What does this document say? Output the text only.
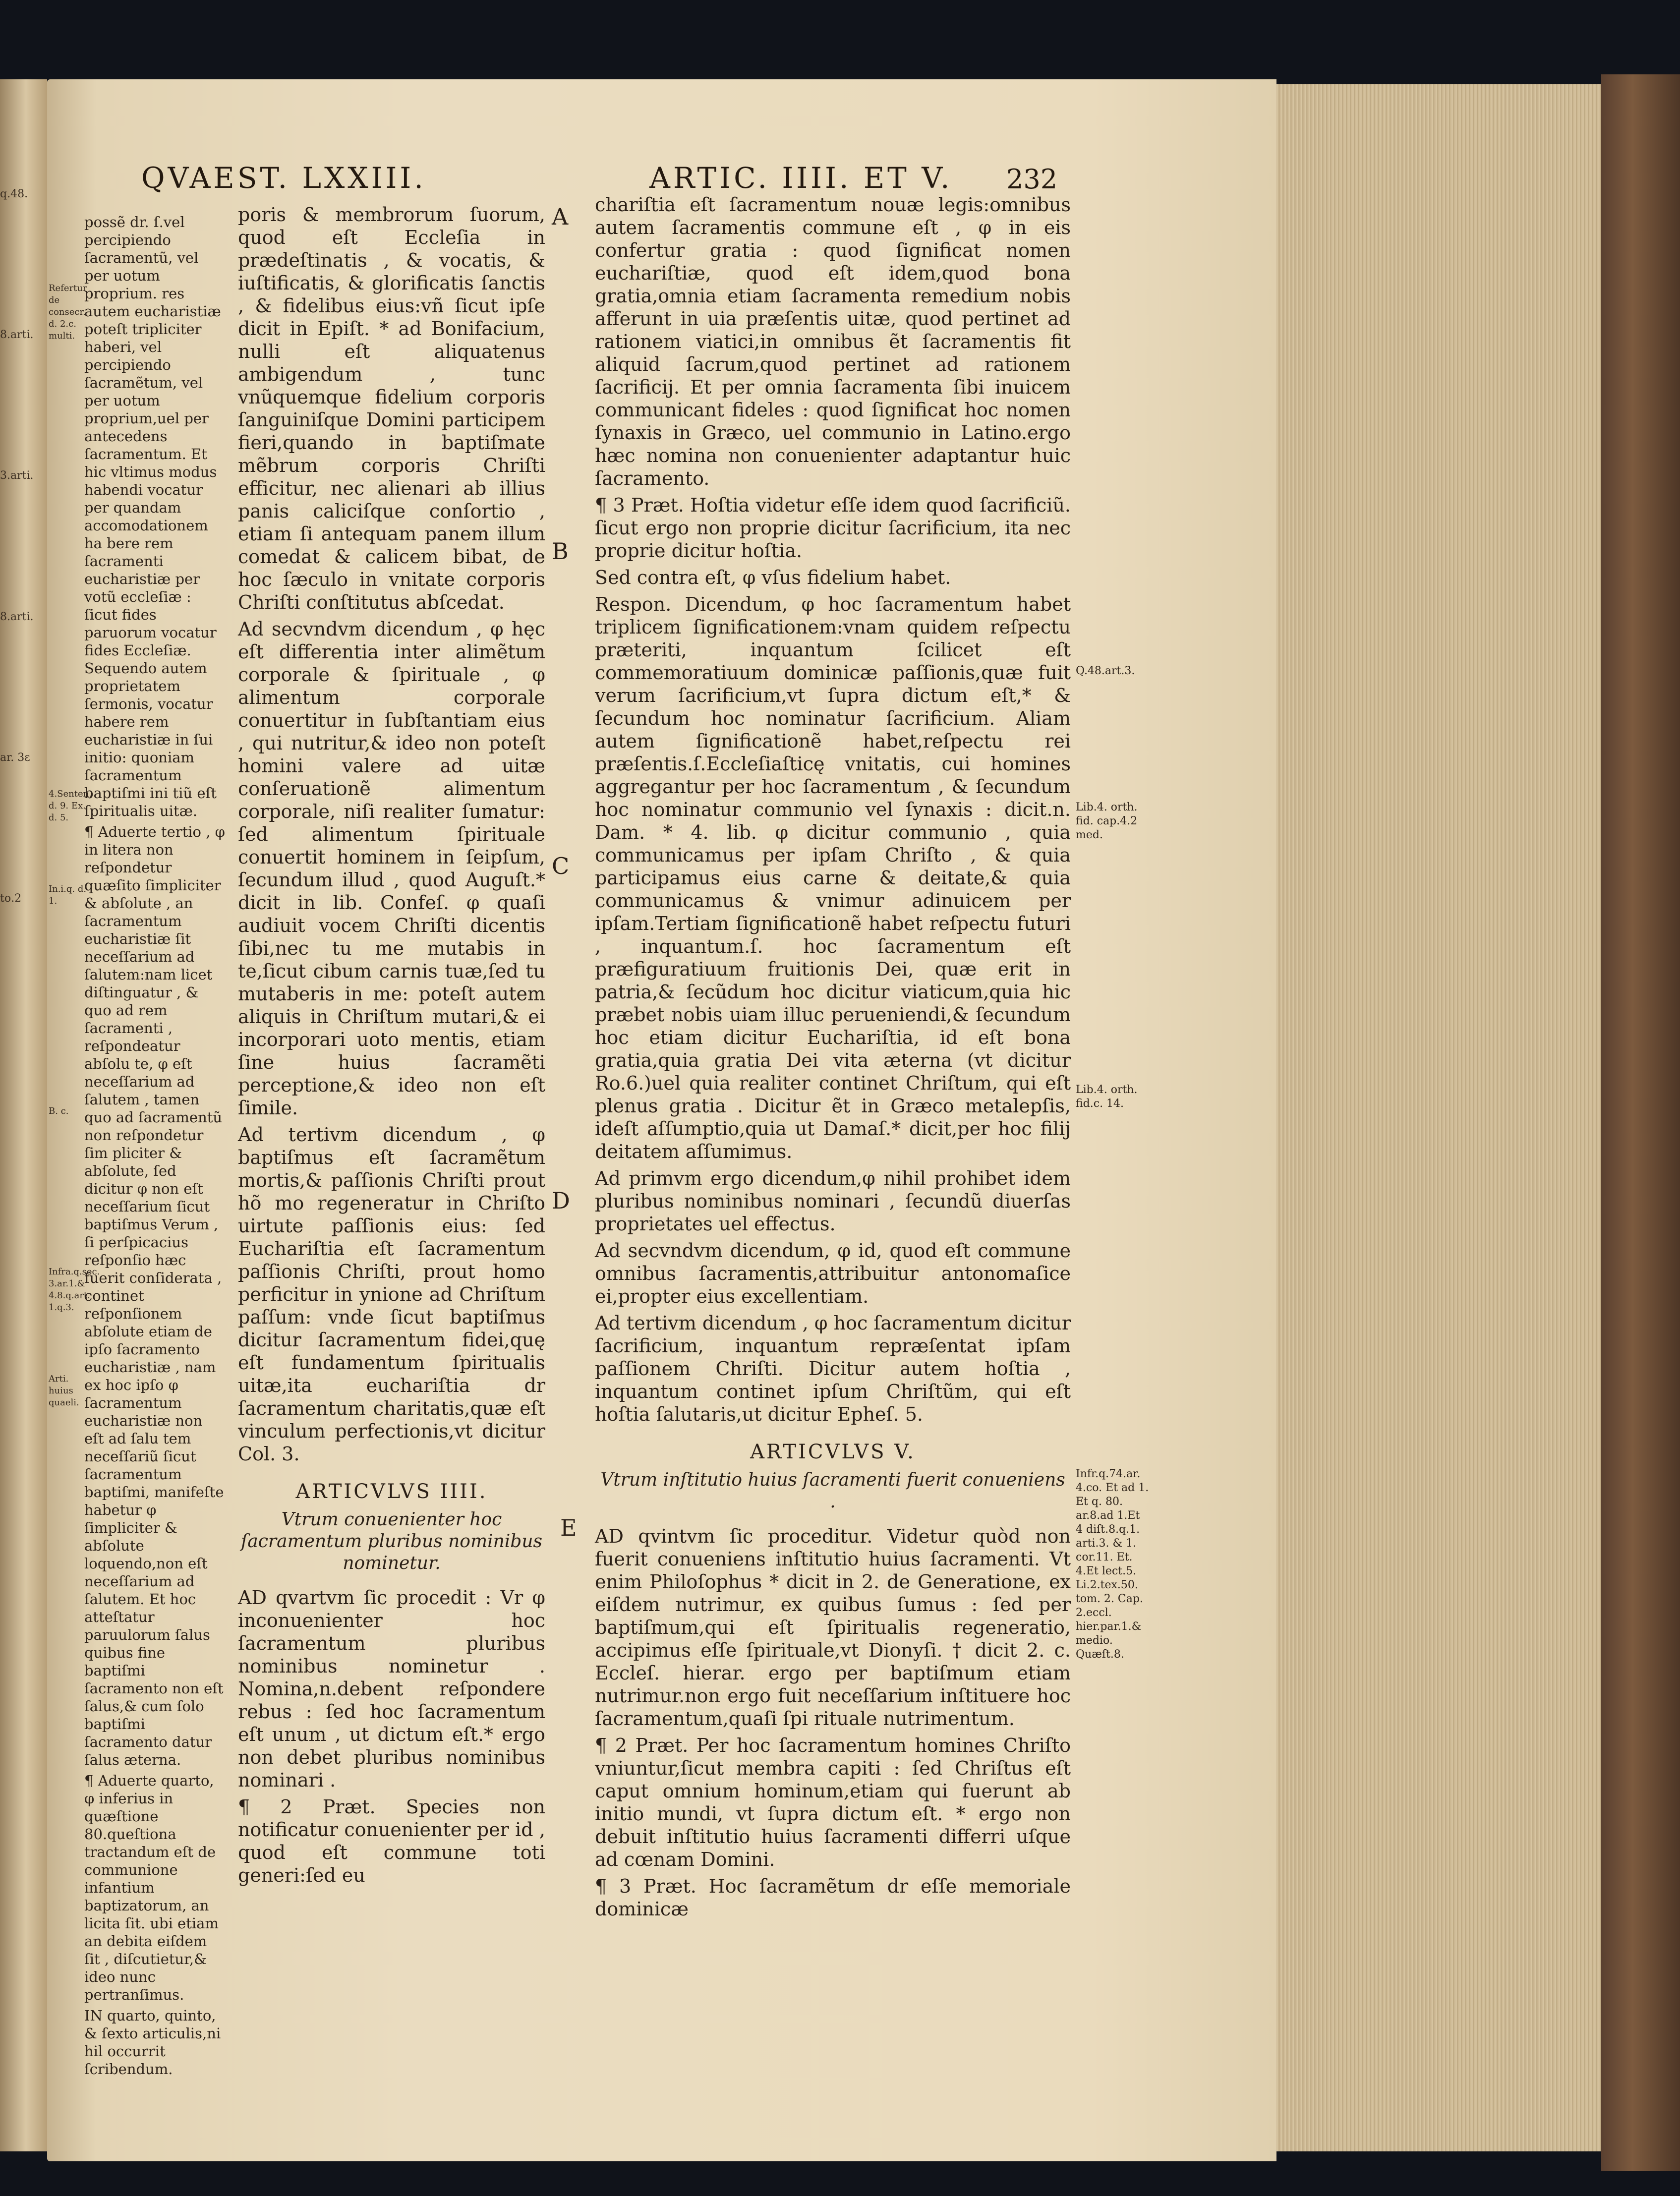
q.48.
8.arti.
3.arti.
8.arti.
ar. 3ε
tο.2
QVAEST. LXXIII.	ARTIC. IIII. ET V. 232
Refertur de consecr. d. 2.c. multi.
4.Senten. d. 9. Ex. d. 5.
In.i.q. d. 1.
B. c.
Infra.q.sec. 3.ar.1.& 4.8.q.art. 1.q.3.
Arti. huius quaeli.

possẽ dr. ſ.vel percipiendo ſacramentũ, vel per uotum proprium. res autem eucharistiæ poteſt tripliciter haberi, vel percipiendo ſacramẽtum, vel per uotum proprium,uel per antecedens ſacramentum. Et hic vltimus modus habendi vocatur per quandam accomodationem ha bere rem ſacramenti eucharistiæ per votũ eccleſiæ : ſicut fides paruorum vocatur fides Eccleſiæ. Sequendo autem proprietatem ſermonis, vocatur habere rem eucharistiæ in ſui initio: quoniam ſacramentum baptiſmi ini tiũ eſt ſpiritualis uitæ.

¶ Aduerte tertio , φ in litera non reſpondetur quæſito ſimpliciter & abſolute , an ſacramentum eucharistiæ ſit neceſſarium ad ſalutem:nam licet diſtinguatur , & quo ad rem ſacramenti , reſpondeatur abſolu te, φ eſt neceſſarium ad ſalutem , tamen quo ad ſacramentũ non reſpondetur ſim pliciter & abſolute, ſed dicitur φ non eſt neceſſarium ſicut baptiſmus Verum , ſi perſpicacius reſponſio hæc fuerit conſiderata , continet reſponſionem abſolute etiam de ipſo ſacramento eucharistiæ , nam ex hoc ipſo φ ſacramentum eucharistiæ non eſt ad ſalu tem neceſſariũ ſicut ſacramentum baptiſmi, manifeſte habetur φ ſimpliciter & abſolute loquendo,non eſt neceſſarium ad ſalutem. Et hoc atteſtatur paruulorum ſalus quibus fine baptiſmi ſacramento non eſt ſalus,& cum ſolo baptiſmi ſacramento datur ſalus æterna.

¶ Aduerte quarto, φ inferius in quæſtione 80.queſtiona tractandum eſt de communione infantium baptizatorum, an licita ſit. ubi etiam an debita eiſdem ſit , diſcutietur,& ideo nunc pertranſimus.

IN quarto, quinto, & ſexto articulis,ni hil occurrit ſcribendum.

poris & membrorum ſuorum, quod eſt Eccleſia in prædeſtinatis , & vocatis, & iuſtificatis, & glorificatis ſanctis , & fidelibus eius:vñ ſicut ipſe dicit in Epiſt. * ad Bonifacium, nulli eſt aliquatenus ambigendum , tunc vnũquemque fidelium corporis ſanguiniſque Domini participem fieri,quando in baptiſmate mẽbrum corporis Chriſti efficitur, nec alienari ab illius panis caliciſque conſortio , etiam ſi antequam panem illum comedat & calicem bibat, de hoc ſæculo in vnitate corporis Chriſti conſtitutus abſcedat.

Ad secvndvm dicendum , φ hęc eſt differentia inter alimẽtum corporale & ſpirituale , φ alimentum corporale conuertitur in ſubſtantiam eius , qui nutritur,& ideo non poteſt homini valere ad uitæ conſeruationẽ alimentum corporale, niſi realiter ſumatur: ſed alimentum ſpirituale conuertit hominem in ſeipſum, ſecundum illud , quod Auguſt.* dicit in lib. Confeſ. φ quaſi audiuit vocem Chriſti dicentis ſibi,nec tu me mutabis in te,ſicut cibum carnis tuæ,ſed tu mutaberis in me: poteſt autem aliquis in Chriſtum mutari,& ei incorporari uoto mentis, etiam ſine huius ſacramẽti perceptione,& ideo non eſt ſimile.

Ad tertivm dicendum , φ baptiſmus eſt ſacramẽtum mortis,& paſſionis Chriſti prout hõ mo regeneratur in Chriſto uirtute paſſionis eius: ſed Euchariſtia eſt ſacramentum paſſionis Chriſti, prout homo perficitur in ynione ad Chriſtum paſſum: vnde ſicut baptiſmus dicitur ſacramentum fidei,quę eſt fundamentum ſpiritualis uitæ,ita euchariſtia dr ſacramentum charitatis,quæ eſt vinculum perfectionis,vt dicitur Col. 3.

ARTICVLVS IIII.
Vtrum conuenienter hoc ſacramentum pluribus nominibus nominetur.

AD qvartvm ſic procedit : Vr φ inconuenienter hoc ſacramentum pluribus nominibus nominetur . Nomina,n.debent reſpondere rebus : ſed hoc ſacramentum eſt unum , ut dictum eſt.* ergo non debet pluribus nominibus nominari .

¶ 2 Præt. Species non notificatur conuenienter per id , quod eſt commune toti generi:ſed eu

A
B
C
D
E

chariſtia eſt ſacramentum nouæ legis:omnibus autem ſacramentis commune eſt , φ in eis confertur gratia : quod ſignificat nomen euchariſtiæ, quod eſt idem,quod bona gratia,omnia etiam ſacramenta remedium nobis afferunt in uia præſentis uitæ, quod pertinet ad rationem viatici,in omnibus ẽt ſacramentis fit aliquid ſacrum,quod pertinet ad rationem ſacrificij. Et per omnia ſacramenta ſibi inuicem communicant fideles : quod ſignificat hoc nomen ſynaxis in Græco, uel communio in Latino.ergo hæc nomina non conuenienter adaptantur huic ſacramento.

¶ 3 Præt. Hoſtia videtur eſſe idem quod ſacrificiũ. ſicut ergo non proprie dicitur ſacrificium, ita nec proprie dicitur hoſtia.

Sed contra eſt, φ vſus fidelium habet.

Respon. Dicendum, φ hoc ſacramentum habet triplicem ſignificationem:vnam quidem reſpectu præteriti, inquantum ſcilicet eſt commemoratiuum dominicæ paſſionis,quæ fuit verum ſacrificium,vt ſupra dictum eſt,* & ſecundum hoc nominatur ſacrificium. Aliam autem ſignificationẽ habet,reſpectu rei præſentis.ſ.Eccleſiaſticę vnitatis, cui homines aggregantur per hoc ſacramentum , & ſecundum hoc nominatur communio vel ſynaxis : dicit.n. Dam. * 4. lib. φ dicitur communio , quia communicamus per ipſam Chriſto , & quia participamus eius carne & deitate,& quia communicamus & vnimur adinuicem per ipſam.Tertiam ſignificationẽ habet reſpectu futuri , inquantum.ſ. hoc ſacramentum eſt præfiguratiuum fruitionis Dei, quæ erit in patria,& ſecũdum hoc dicitur viaticum,quia hic præbet nobis uiam illuc perueniendi,& ſecundum hoc etiam dicitur Euchariſtia, id eſt bona gratia,quia gratia Dei vita æterna (vt dicitur Ro.6.)uel quia realiter continet Chriſtum, qui eſt plenus gratia . Dicitur ẽt in Græco metalepſis, ideſt aſſumptio,quia ut Damaſ.* dicit,per hoc filij deitatem aſſumimus.

Ad primvm ergo dicendum,φ nihil prohibet idem pluribus nominibus nominari , ſecundũ diuerſas proprietates uel effectus.

Ad secvndvm dicendum, φ id, quod eſt commune omnibus ſacramentis,attribuitur antonomaſice ei,propter eius excellentiam.

Ad tertivm dicendum , φ hoc ſacramentum dicitur ſacrificium, inquantum repræſentat ipſam paſſionem Chriſti. Dicitur autem hoſtia , inquantum continet ipſum Chriſtũm, qui eſt hoſtia ſalutaris,ut dicitur Epheſ. 5.

ARTICVLVS V.
Vtrum inſtitutio huius ſacramenti fuerit conueniens .

AD qvintvm ſic proceditur. Videtur quòd non fuerit conueniens inſtitutio huius ſacramenti. Vt enim Philoſophus * dicit in 2. de Generatione, ex eiſdem nutrimur, ex quibus ſumus : ſed per baptiſmum,qui eſt ſpiritualis regeneratio, accipimus eſſe ſpirituale,vt Dionyſi. † dicit 2. c. Eccleſ. hierar. ergo per baptiſmum etiam nutrimur.non ergo fuit neceſſarium inſtituere hoc ſacramentum,quaſi ſpi rituale nutrimentum.

¶ 2 Præt. Per hoc ſacramentum homines Chriſto vniuntur,ſicut membra capiti : ſed Chriſtus eſt caput omnium hominum,etiam qui fuerunt ab initio mundi, vt ſupra dictum eſt. * ergo non debuit inſtitutio huius ſacramenti differri uſque ad cœnam Domini.

¶ 3 Præt. Hoc ſacramẽtum dr eſſe memoriale dominicæ

Q.48.art.3.
Lib.4. orth. fid. cap.4.2 med.
Lib.4. orth. fid.c. 14.
Infr.q.74.ar. 4.co. Et ad 1. Et q. 80. ar.8.ad 1.Et 4 diſt.8.q.1. arti.3. & 1. cor.11. Et. 4.Et lect.5. Li.2.tex.50. tom. 2. Cap. 2.eccl. hier.par.1.& medio. Quæſt.8.
